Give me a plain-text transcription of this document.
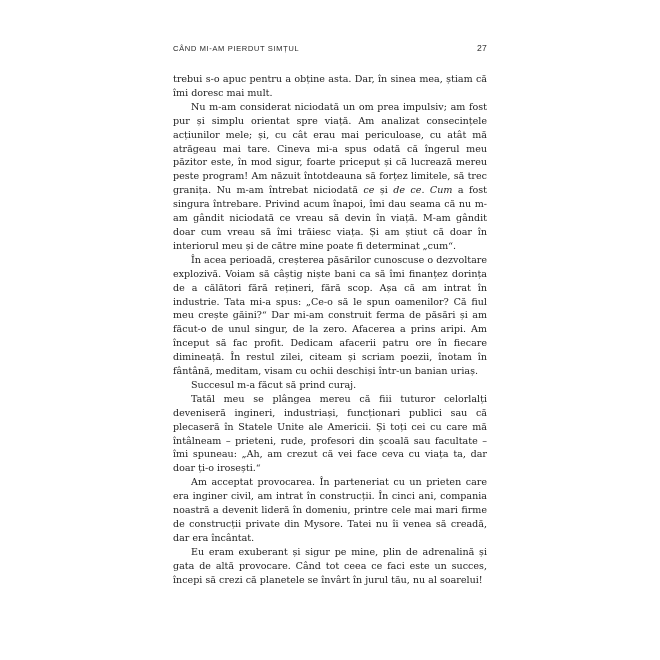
CÂND MI-AM PIERDUT SIMȚUL	27

trebui s-o apuc pentru a obține asta. Dar, în sinea mea, știam că îmi doresc mai mult.

Nu m-am considerat niciodată un om prea impulsiv; am fost pur și simplu orientat spre viață. Am analizat consecințele acțiunilor mele; și, cu cât erau mai periculoase, cu atât mă atrăgeau mai tare. Cineva mi-a spus odată că îngerul meu păzitor este, în mod sigur, foarte priceput și că lucrează mereu peste program! Am năzuit întotdeauna să forțez limitele, să trec granița. Nu m-am întrebat niciodată ce și de ce. Cum a fost singura întrebare. Privind acum înapoi, îmi dau seama că nu m-am gândit niciodată ce vreau să devin în viață. M-am gândit doar cum vreau să îmi trăiesc viața. Și am știut că doar în interiorul meu și de către mine poate fi determinat „cum“.

În acea perioadă, creșterea păsărilor cunoscuse o dezvoltare explozivă. Voiam să câștig niște bani ca să îmi finanțez dorința de a călători fără rețineri, fără scop. Așa că am intrat în industrie. Tata mi-a spus: „Ce-o să le spun oamenilor? Că fiul meu crește găini?“ Dar mi-am construit ferma de păsări și am făcut-o de unul singur, de la zero. Afacerea a prins aripi. Am început să fac profit. Dedicam afacerii patru ore în fiecare dimineață. În restul zilei, citeam și scriam poezii, înotam în fântână, meditam, visam cu ochii deschiși într-un banian uriaș.

Succesul m-a făcut să prind curaj.

Tatăl meu se plângea mereu că fiii tuturor celorlalți deveniseră ingineri, industriași, funcționari publici sau că plecaseră în Statele Unite ale Americii. Și toți cei cu care mă întâlneam – prieteni, rude, profesori din școală sau facultate – îmi spuneau: „Ah, am crezut că vei face ceva cu viața ta, dar doar ți-o irosești.“

Am acceptat provocarea. În parteneriat cu un prieten care era inginer civil, am intrat în construcții. În cinci ani, compania noastră a devenit lideră în domeniu, printre cele mai mari firme de construcții private din Mysore. Tatei nu îi venea să creadă, dar era încântat.

Eu eram exuberant și sigur pe mine, plin de adrenalină și gata de altă provocare. Când tot ceea ce faci este un succes, începi să crezi că planetele se învârt în jurul tău, nu al soarelui!
